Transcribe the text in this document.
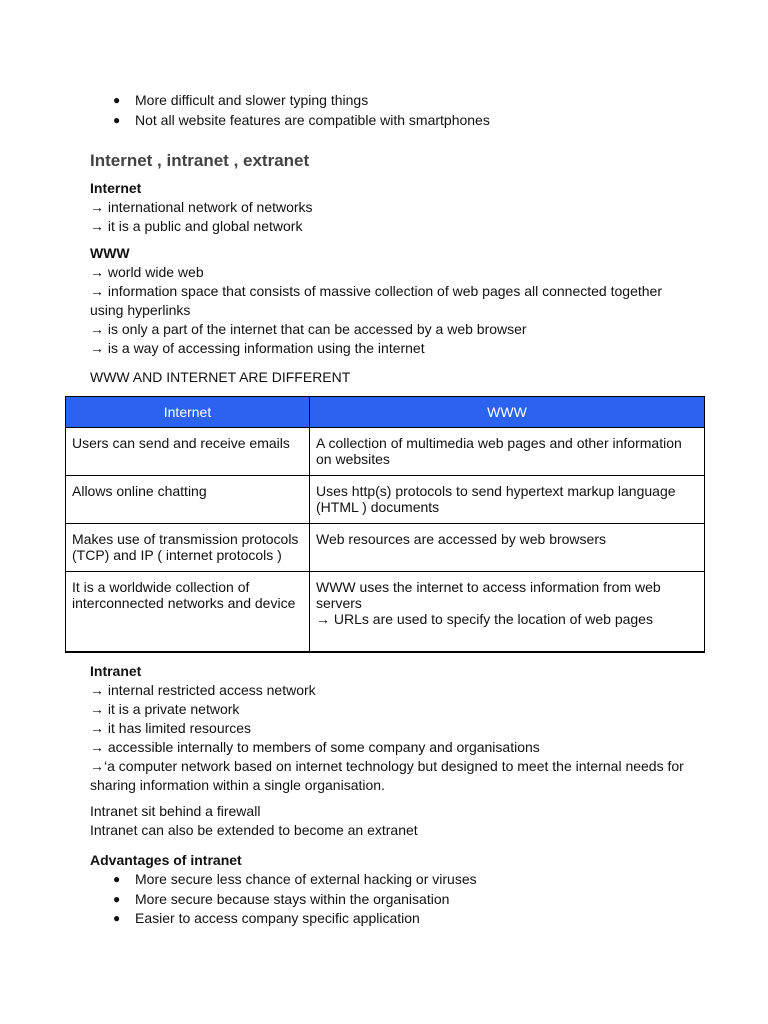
● More difficult and slower typing things
● Not all website features are compatible with smartphones
Internet , intranet , extranet
Internet
→ international network of networks
→ it is a public and global network
WWW
→ world wide web
→ information space that consists of massive collection of web pages all connected together using hyperlinks
→ is only a part of the internet that can be accessed by a web browser
→ is a way of accessing information using the internet
WWW AND INTERNET ARE DIFFERENT
Internet	WWW
Users can send and receive emails	A collection of multimedia web pages and other information on websites
Allows online chatting	Uses http(s) protocols to send hypertext markup language (HTML ) documents
Makes use of transmission protocols (TCP) and IP ( internet protocols )	Web resources are accessed by web browsers
It is a worldwide collection of interconnected networks and device	WWW uses the internet to access information from web servers
→ URLs are used to specify the location of web pages
Intranet
→ internal restricted access network
→ it is a private network
→ it has limited resources
→ accessible internally to members of some company and organisations
→‘a computer network based on internet technology but designed to meet the internal needs for sharing information within a single organisation.
Intranet sit behind a firewall
Intranet can also be extended to become an extranet
Advantages of intranet
● More secure less chance of external hacking or viruses
● More secure because stays within the organisation
● Easier to access company specific application
